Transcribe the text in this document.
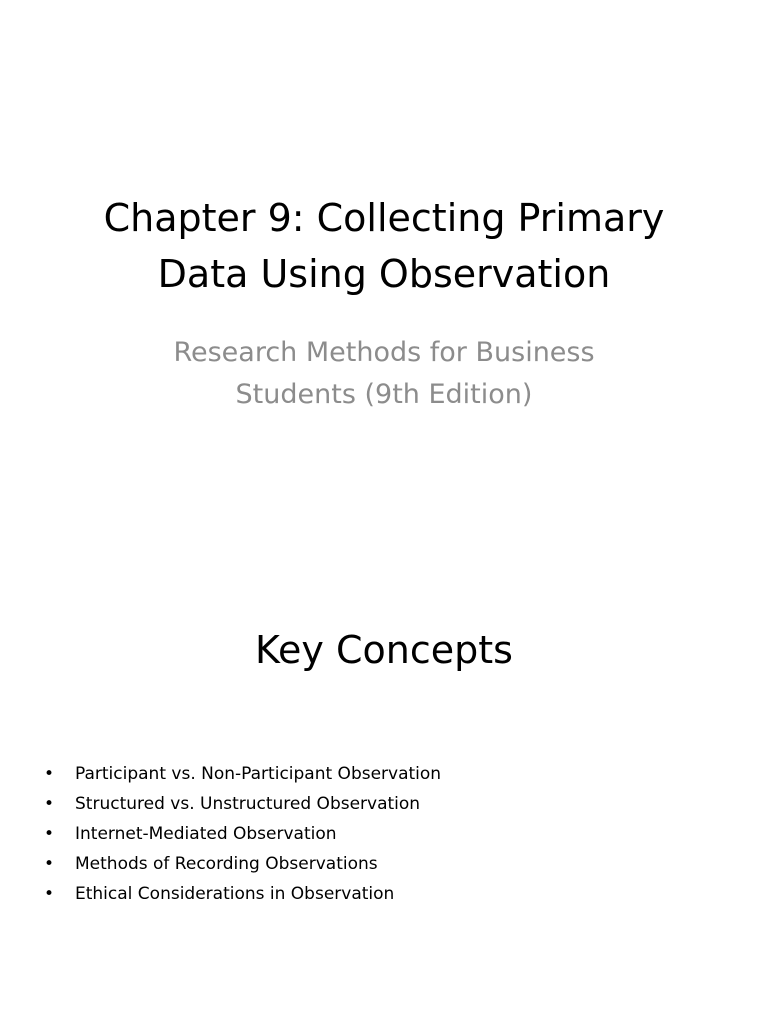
Chapter 9: Collecting Primary
Data Using Observation

Research Methods for Business
Students (9th Edition)

Key Concepts
•	Participant vs. Non-Participant Observation
•	Structured vs. Unstructured Observation
•	Internet-Mediated Observation
•	Methods of Recording Observations
•	Ethical Considerations in Observation
